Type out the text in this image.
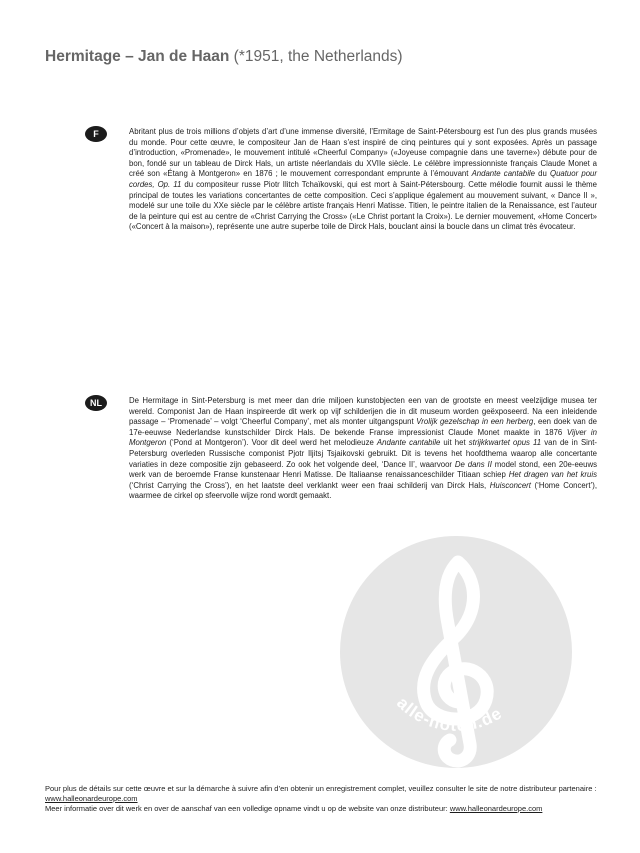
Hermitage – Jan de Haan (*1951, the Netherlands)
F	Abritant plus de trois millions d’objets d’art d’une immense diversité, l’Ermitage de Saint-Pétersbourg est l’un des plus grands musées du monde. Pour cette œuvre, le compositeur Jan de Haan s’est inspiré de cinq peintures qui y sont exposées. Après un passage d’introduction, «Promenade», le mouvement intitulé «Cheerful Company» («Joyeuse compagnie dans une taverne») débute pour de bon, fondé sur un tableau de Dirck Hals, un artiste néerlandais du XVIIe siècle. Le célèbre impressionniste français Claude Monet a créé son «Étang à Montgeron» en 1876 ; le mouvement correspondant emprunte à l’émouvant Andante cantabile du Quatuor pour cordes, Op. 11 du compositeur russe Piotr Ilitch Tchaïkovski, qui est mort à Saint-Pétersbourg. Cette mélodie fournit aussi le thème principal de toutes les variations concertantes de cette composition. Ceci s’applique également au mouvement suivant, « Dance II », modelé sur une toile du XXe siècle par le célèbre artiste français Henri Matisse. Titien, le peintre italien de la Renaissance, est l’auteur de la peinture qui est au centre de «Christ Carrying the Cross» («Le Christ portant la Croix»). Le dernier mouvement, «Home Concert» («Concert à la maison»), représente une autre superbe toile de Dirck Hals, bouclant ainsi la boucle dans un climat très évocateur.

NL	De Hermitage in Sint-Petersburg is met meer dan drie miljoen kunstobjecten een van de grootste en meest veelzijdige musea ter wereld. Componist Jan de Haan inspireerde dit werk op vijf schilderijen die in dit museum worden geëxposeerd. Na een inleidende passage – ‘Promenade’ – volgt ‘Cheerful Company’, met als monter uitgangspunt Vrolijk gezelschap in een herberg, een doek van de 17e-eeuwse Nederlandse kunstschilder Dirck Hals. De bekende Franse impressionist Claude Monet maakte in 1876 Vijver in Montgeron (‘Pond at Montgeron’). Voor dit deel werd het melodieuze Andante cantabile uit het strijkkwartet opus 11 van de in Sint-Petersburg overleden Russische componist Pjotr Iljitsj Tsjaikovski gebruikt. Dit is tevens het hoofdthema waarop alle concertante variaties in deze compositie zijn gebaseerd. Zo ook het volgende deel, ‘Dance II’, waarvoor De dans II model stond, een 20e-eeuws werk van de beroemde Franse kunstenaar Henri Matisse. De Italiaanse renaissanceschilder Titiaan schiep Het dragen van het kruis (‘Christ Carrying the Cross’), en het laatste deel verklankt weer een fraai schilderij van Dirck Hals, Huisconcert (‘Home Concert’), waarmee de cirkel op sfeervolle wijze rond wordt gemaakt.

alle-noten.de

Pour plus de détails sur cette œuvre et sur la démarche à suivre afin d’en obtenir un enregistrement complet, veuillez consulter le site de notre distributeur partenaire : www.halleonardeurope.com

Meer informatie over dit werk en over de aanschaf van een volledige opname vindt u op de website van onze distributeur: www.halleonardeurope.com
